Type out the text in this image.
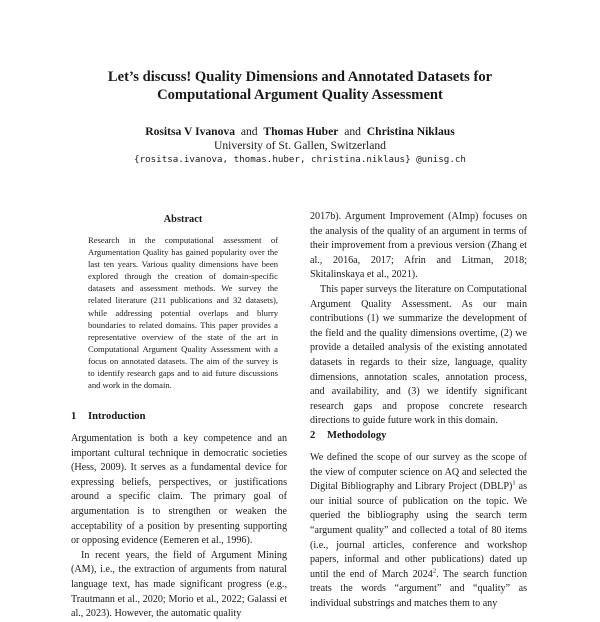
Let’s discuss! Quality Dimensions and Annotated Datasets for
Computational Argument Quality Assessment
Rositsa V Ivanova and Thomas Huber and Christina Niklaus
University of St. Gallen, Switzerland
{rositsa.ivanova, thomas.huber, christina.niklaus} @unisg.ch
Abstract

Research in the computational assessment of Argumentation Quality has gained popularity over the last ten years. Various quality dimensions have been explored through the creation of domain-specific datasets and assessment methods. We survey the related literature (211 publications and 32 datasets), while addressing potential overlaps and blurry boundaries to related domains. This paper provides a representative overview of the state of the art in Computational Argument Quality Assessment with a focus on annotated datasets. The aim of the survey is to identify research gaps and to aid future discussions and work in the domain.

1 Introduction

Argumentation is both a key competence and an important cultural technique in democratic societies (Hess, 2009). It serves as a fundamental device for expressing beliefs, perspectives, or justifications around a specific claim. The primary goal of argumentation is to strengthen or weaken the acceptability of a position by presenting supporting or opposing evidence (Eemeren et al., 1996).

In recent years, the field of Argument Mining (AM), i.e., the extraction of arguments from natural language text, has made significant progress (e.g., Trautmann et al., 2020; Morio et al., 2022; Galassi et al., 2023). However, the automatic quality

2017b). Argument Improvement (AImp) focuses on the analysis of the quality of an argument in terms of their improvement from a previous version (Zhang et al., 2016a, 2017; Afrin and Litman, 2018; Skitalinskaya et al., 2021).

This paper surveys the literature on Computational Argument Quality Assessment. As our main contributions (1) we summarize the development of the field and the quality dimensions overtime, (2) we provide a detailed analysis of the existing annotated datasets in regards to their size, language, quality dimensions, annotation scales, annotation process, and availability, and (3) we identify significant research gaps and propose concrete research directions to guide future work in this domain.

2 Methodology

We defined the scope of our survey as the scope of the view of computer science on AQ and selected the Digital Bibliography and Library Project (DBLP)$^1$ as our initial source of publication on the topic. We queried the bibliography using the search term “argument quality” and collected a total of 80 items (i.e., journal articles, conference and workshop papers, informal and other publications) dated up until the end of March 2024$^2$. The search function treats the words “argument” and “quality” as individual substrings and matches them to any
